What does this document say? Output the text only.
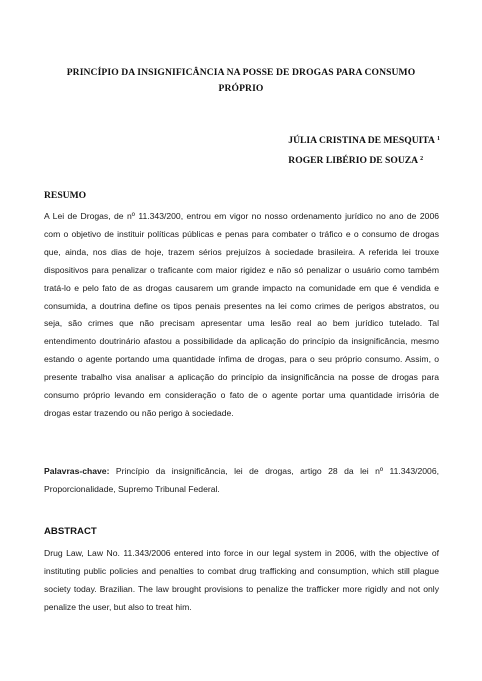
PRINCÍPIO DA INSIGNIFICÂNCIA NA POSSE DE DROGAS PARA CONSUMO
PRÓPRIO
JÚLIA CRISTINA DE MESQUITA $^1$
ROGER LIBÉRIO DE SOUZA $^2$
RESUMO
A Lei de Drogas, de nº 11.343/200, entrou em vigor no nosso ordenamento jurídico no ano de 2006 com o objetivo de instituir políticas públicas e penas para combater o tráfico e o consumo de drogas que, ainda, nos dias de hoje, trazem sérios prejuízos à sociedade brasileira. A referida lei trouxe dispositivos para penalizar o traficante com maior rigidez e não só penalizar o usuário como também tratá-lo e pelo fato de as drogas causarem um grande impacto na comunidade em que é vendida e consumida, a doutrina define os tipos penais presentes na lei como crimes de perigos abstratos, ou seja, são crimes que não precisam apresentar uma lesão real ao bem jurídico tutelado. Tal entendimento doutrinário afastou a possibilidade da aplicação do princípio da insignificância, mesmo estando o agente portando uma quantidade ínfima de drogas, para o seu próprio consumo. Assim, o presente trabalho visa analisar a aplicação do princípio da insignificância na posse de drogas para consumo próprio levando em consideração o fato de o agente portar uma quantidade irrisória de drogas estar trazendo ou não perigo à sociedade.
Palavras-chave: Princípio da insignificância, lei de drogas, artigo 28 da lei nº 11.343/2006, Proporcionalidade, Supremo Tribunal Federal.
ABSTRACT
Drug Law, Law No. 11.343/2006 entered into force in our legal system in 2006, with the objective of instituting public policies and penalties to combat drug trafficking and consumption, which still plague society today. Brazilian. The law brought provisions to penalize the trafficker more rigidly and not only penalize the user, but also to treat him.
